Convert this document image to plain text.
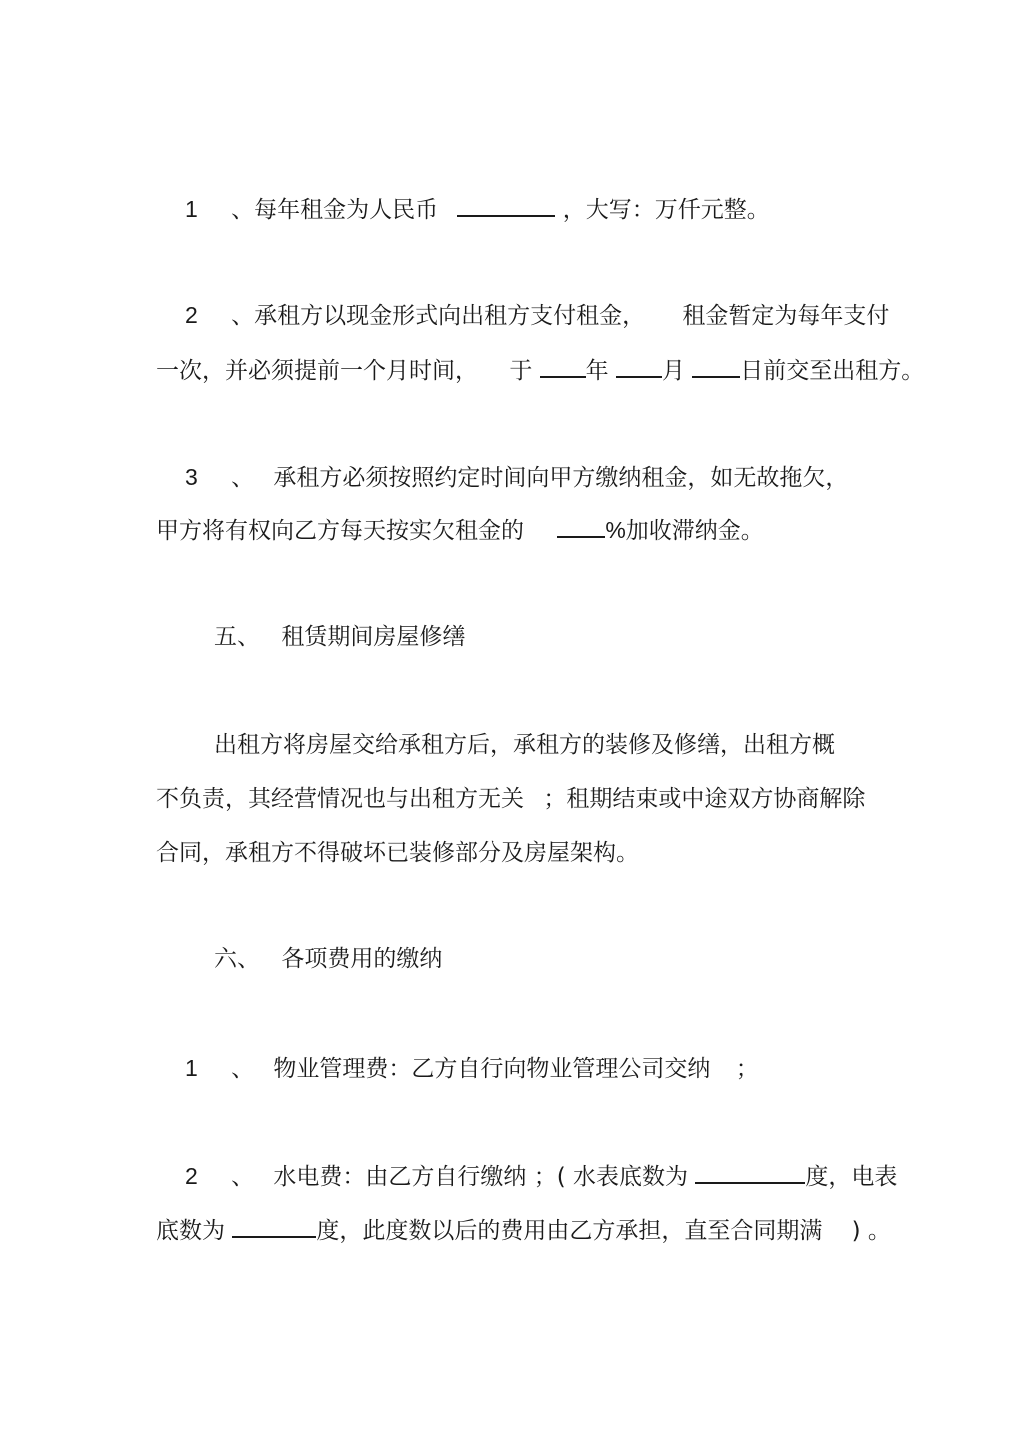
1 、每年租金为人民币	，大写：万仟元整。
2 、承租方以现金形式向出租方支付租金， 租金暂定为每年支付
一次，并必须提前一个月时间， 于 年 月 日前交至出租方。
3 、 承租方必须按照约定时间向甲方缴纳租金，如无故拖欠，
甲方将有权向乙方每天按实欠租金的	%加收滞纳金。
五、 租赁期间房屋修缮
出租方将房屋交给承租方后，承租方的装修及修缮，出租方概
不负责，其经营情况也与出租方无关 ；租期结束或中途双方协商解除
合同，承租方不得破坏已装修部分及房屋架构。
六、 各项费用的缴纳
1 、 物业管理费：乙方自行向物业管理公司交纳 ；
2 、 水电费：由乙方自行缴纳 ；( 水表底数为	度，电表
底数为	度，此度数以后的费用由乙方承担，直至合同期满 ) 。
